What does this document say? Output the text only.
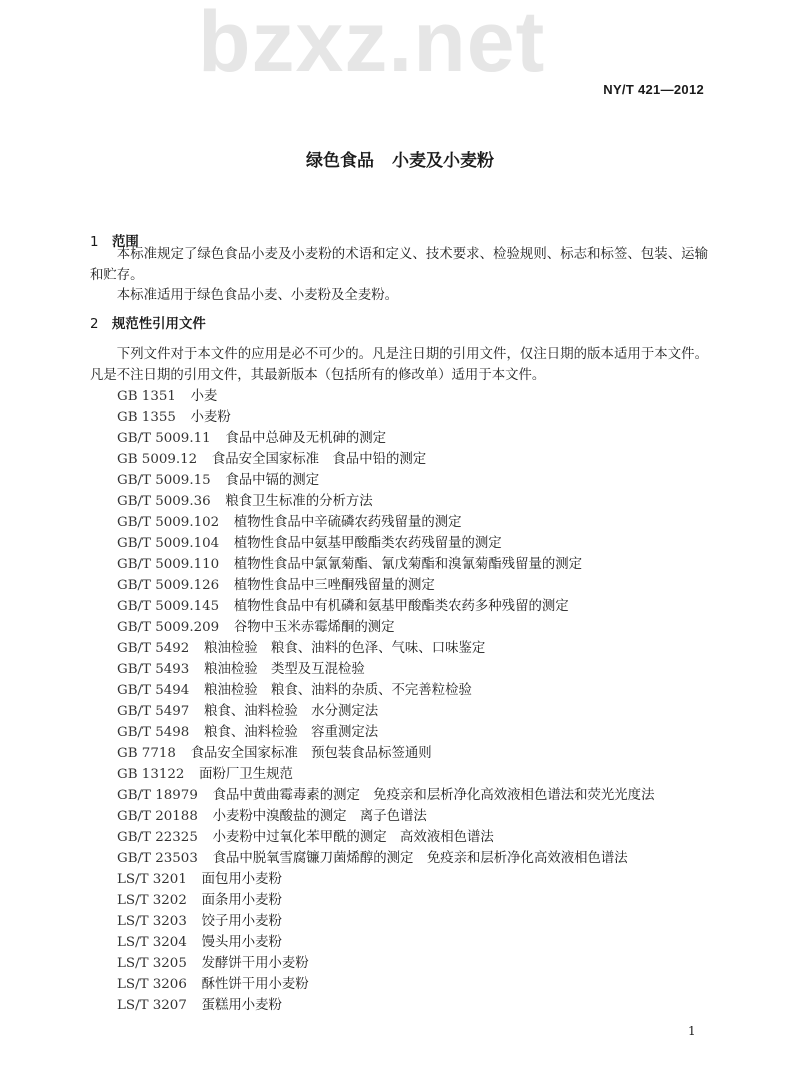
bzxz.net	NY/T 421—2012
绿色食品 小麦及小麦粉
1 范围

本标准规定了绿色食品小麦及小麦粉的术语和定义、技术要求、检验规则、标志和标签、包装、运输和贮存。

本标准适用于绿色食品小麦、小麦粉及全麦粉。

2 规范性引用文件

下列文件对于本文件的应用是必不可少的。凡是注日期的引用文件，仅注日期的版本适用于本文件。凡是不注日期的引用文件，其最新版本（包括所有的修改单）适用于本文件。

GB 1351 小麦
GB 1355 小麦粉
GB/T 5009.11 食品中总砷及无机砷的测定
GB 5009.12 食品安全国家标准　食品中铅的测定
GB/T 5009.15 食品中镉的测定
GB/T 5009.36 粮食卫生标准的分析方法
GB/T 5009.102 植物性食品中辛硫磷农药残留量的测定
GB/T 5009.104 植物性食品中氨基甲酸酯类农药残留量的测定
GB/T 5009.110 植物性食品中氯氰菊酯、氰戊菊酯和溴氰菊酯残留量的测定
GB/T 5009.126 植物性食品中三唑酮残留量的测定
GB/T 5009.145 植物性食品中有机磷和氨基甲酸酯类农药多种残留的测定
GB/T 5009.209 谷物中玉米赤霉烯酮的测定
GB/T 5492 粮油检验　粮食、油料的色泽、气味、口味鉴定
GB/T 5493 粮油检验　类型及互混检验
GB/T 5494 粮油检验　粮食、油料的杂质、不完善粒检验
GB/T 5497 粮食、油料检验　水分测定法
GB/T 5498 粮食、油料检验　容重测定法
GB 7718 食品安全国家标准　预包装食品标签通则
GB 13122 面粉厂卫生规范
GB/T 18979 食品中黄曲霉毒素的测定　免疫亲和层析净化高效液相色谱法和荧光光度法
GB/T 20188 小麦粉中溴酸盐的测定　离子色谱法
GB/T 22325 小麦粉中过氧化苯甲酰的测定　高效液相色谱法
GB/T 23503 食品中脱氧雪腐镰刀菌烯醇的测定　免疫亲和层析净化高效液相色谱法
LS/T 3201 面包用小麦粉
LS/T 3202 面条用小麦粉
LS/T 3203 饺子用小麦粉
LS/T 3204 馒头用小麦粉
LS/T 3205 发酵饼干用小麦粉
LS/T 3206 酥性饼干用小麦粉
LS/T 3207 蛋糕用小麦粉
1
